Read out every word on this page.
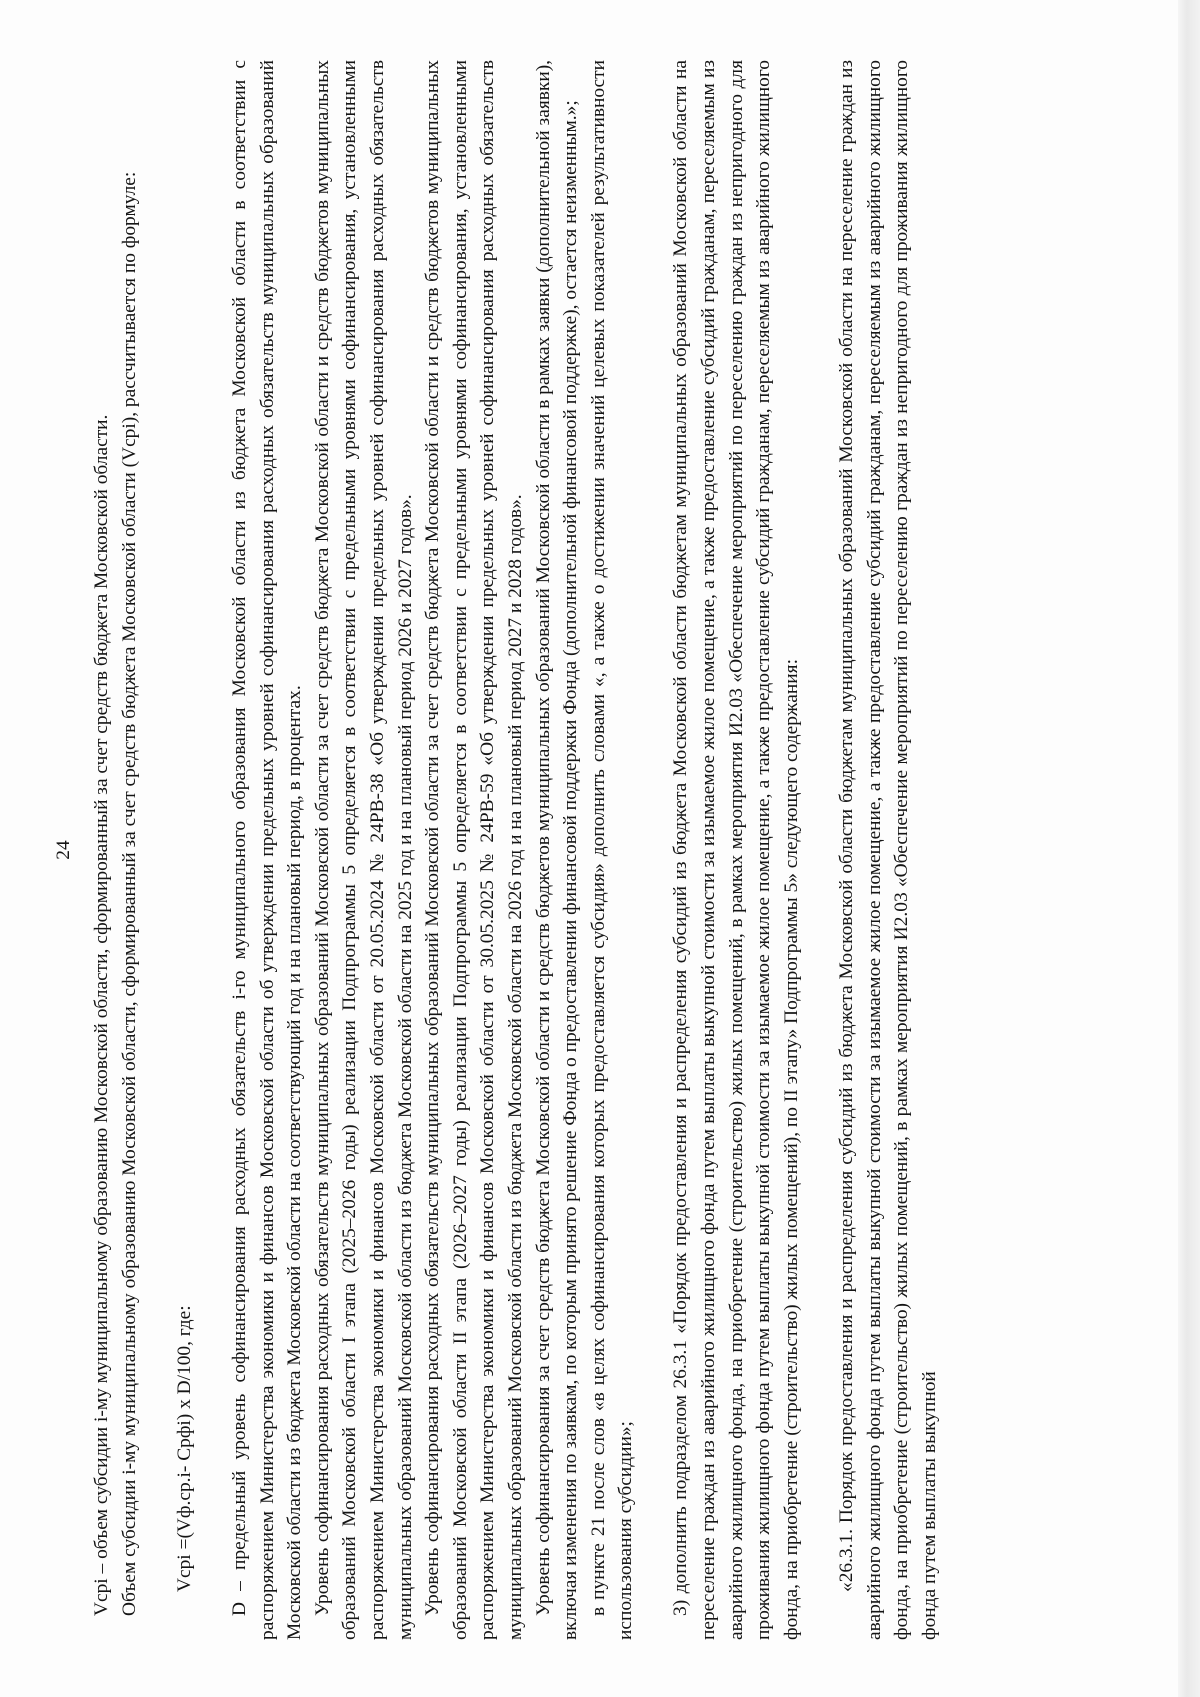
24 Vсрi – объем субсидии i-му муниципальному образованию Московской области, сформированный за счет средств бюджета Московской области. Объем субсидии i-му муниципальному образованию Московской области, сформированный за счет средств бюджета Московской области (Vсрi), рассчитывается по формуле: Vсрi =(Vф.ср.i- Срфi) х D/100, где: D – предельный уровень софинансирования расходных обязательств i-го муниципального образования Московской области из бюджета Московской области в соответствии с распоряжением Министерства экономики и финансов Московской области об утверждении предельных уровней софинансирования расходных обязательств муниципальных образований Московской области из бюджета Московской области на соответствующий год и на плановый период, в процентах. Уровень софинансирования расходных обязательств муниципальных образований Московской области за счет средств бюджета Московской области и средств бюджетов муниципальных образований Московской области I этапа (2025–2026 годы) реализации Подпрограммы 5 определяется в соответствии с предельными уровнями софинансирования, установленными распоряжением Министерства экономики и финансов Московской области от 20.05.2024 № 24РВ-38 «Об утверждении предельных уровней софинансирования расходных обязательств муниципальных образований Московской области из бюджета Московской области на 2025 год и на плановый период 2026 и 2027 годов». Уровень софинансирования расходных обязательств муниципальных образований Московской области за счет средств бюджета Московской области и средств бюджетов муниципальных образований Московской области II этапа (2026–2027 годы) реализации Подпрограммы 5 определяется в соответствии с предельными уровнями софинансирования, установленными распоряжением Министерства экономики и финансов Московской области от 30.05.2025 № 24РВ-59 «Об утверждении предельных уровней софинансирования расходных обязательств муниципальных образований Московской области из бюджета Московской области на 2026 год и на плановый период 2027 и 2028 годов». Уровень софинансирования за счет средств бюджета Московской области и средств бюджетов муниципальных образований Московской области в рамках заявки (дополнительной заявки), включая изменения по заявкам, по которым принято решение Фонда о предоставлении финансовой поддержки Фонда (дополнительной финансовой поддержке), остается неизменным.»; в пункте 21 после слов «в целях софинансирования которых предоставляется субсидия» дополнить словами «, а также о достижении значений целевых показателей результативности использования субсидии»; 3) дополнить подразделом 26.3.1 «Порядок предоставления и распределения субсидий из бюджета Московской области бюджетам муниципальных образований Московской области на переселение граждан из аварийного жилищного фонда путем выплаты выкупной стоимости за изымаемое жилое помещение, а также предоставление субсидий гражданам, переселяемым из аварийного жилищного фонда, на приобретение (строительство) жилых помещений, в рамках мероприятия И2.03 «Обеспечение мероприятий по переселению граждан из непригодного для проживания жилищного фонда путем выплаты выкупной стоимости за изымаемое жилое помещение, а также предоставление субсидий гражданам, переселяемым из аварийного жилищного фонда, на приобретение (строительство) жилых помещений), по II этапу» Подпрограммы 5» следующего содержания: «26.3.1. Порядок предоставления и распределения субсидий из бюджета Московской области бюджетам муниципальных образований Московской области на переселение граждан из аварийного жилищного фонда путем выплаты выкупной стоимости за изымаемое жилое помещение, а также предоставление субсидий гражданам, переселяемым из аварийного жилищного фонда, на приобретение (строительство) жилых помещений, в рамках мероприятия И2.03 «Обеспечение мероприятий по переселению граждан из непригодного для проживания жилищного фонда путем выплаты выкупной
